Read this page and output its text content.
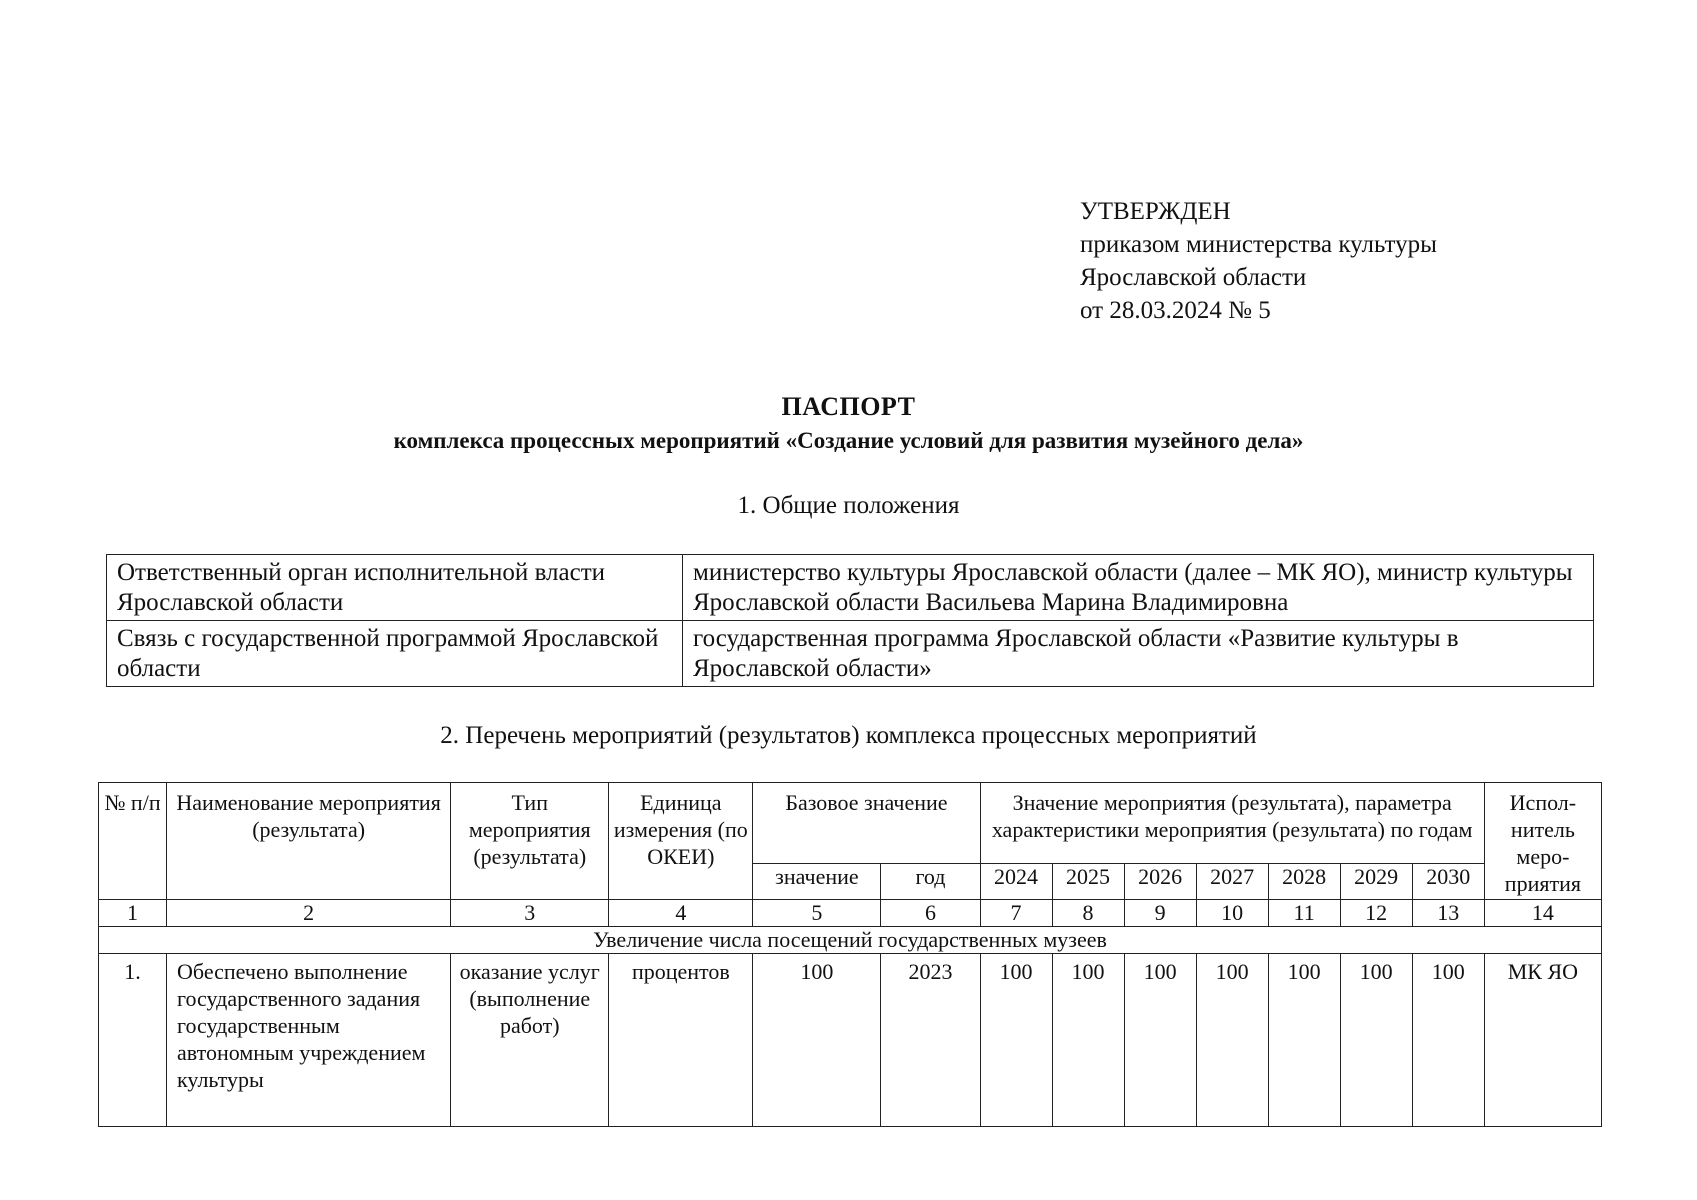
УТВЕРЖДЕН
приказом министерства культуры
Ярославской области
от 28.03.2024 № 5
ПАСПОРТ
комплекса процессных мероприятий «Создание условий для развития музейного дела»
1. Общие положения
Ответственный орган исполнительной власти Ярославской области	министерство культуры Ярославской области (далее – МК ЯО), министр культуры Ярославской области Васильева Марина Владимировна
Связь с государственной программой Ярославской области	государственная программа Ярославской области «Развитие культуры в Ярославской области»
2. Перечень мероприятий (результатов) комплекса процессных мероприятий
№ п/п	Наименование мероприятия (результата)	Тип мероприятия (результата)	Единица измерения (по ОКЕИ)	Базовое значение		Значение мероприятия (результата), параметра характеристики мероприятия (результата) по годам							Испол-нитель меро-приятия
				значение	год	2024	2025	2026	2027	2028	2029	2030	
1	2	3	4	5	6	7	8	9	10	11	12	13	14
Увеличение числа посещений государственных музеев													
1.	Обеспечено выполнение государственного задания государственным автономным учреждением культуры	оказание услуг (выполнение работ)	процентов	100	2023	100	100	100	100	100	100	100	МК ЯО
